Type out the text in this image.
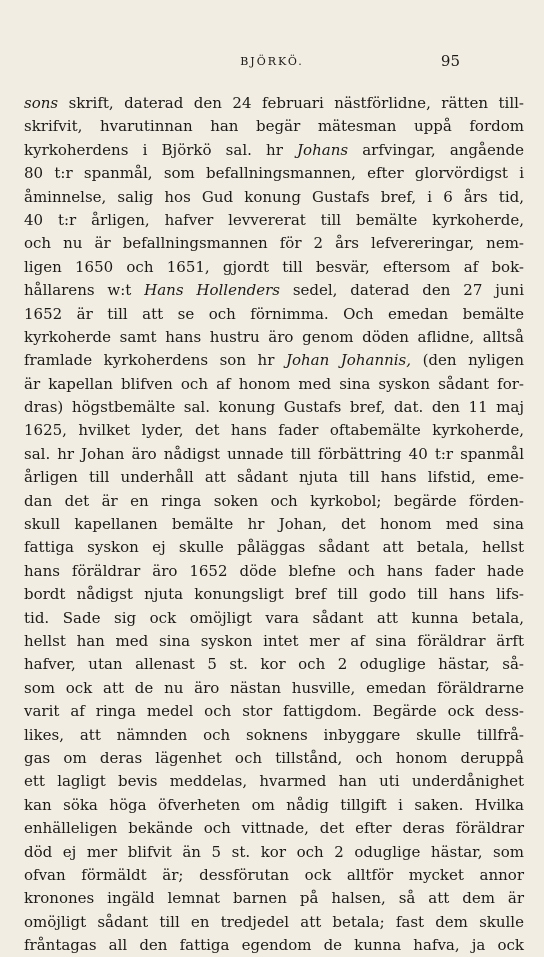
BJÖRKÖ.	95
sons skrift, daterad den 24 februari nästförlidne, rätten till-
skrifvit, hvarutinnan han begär mätesman uppå fordom
kyrkoherdens i Björkö sal. hr Johans arfvingar, angående
80 t:r spanmål, som befallningsmannen, efter glorvördigst i
åminnelse, salig hos Gud konung Gustafs bref, i 6 års tid,
40 t:r årligen, hafver levvererat till bemälte kyrkoherde,
och nu är befallningsmannen för 2 års lefvereringar, nem-
ligen 1650 och 1651, gjordt till besvär, eftersom af bok-
hållarens w:t Hans Hollenders sedel, daterad den 27 juni
1652 är till att se och förnimma. Och emedan bemälte
kyrkoherde samt hans hustru äro genom döden aflidne, alltså
framlade kyrkoherdens son hr Johan Johannis, (den nyligen
är kapellan blifven och af honom med sina syskon sådant for-
dras) högstbemälte sal. konung Gustafs bref, dat. den 11 maj
1625, hvilket lyder, det hans fader oftabemälte kyrkoherde,
sal. hr Johan äro nådigst unnade till förbättring 40 t:r spanmål
årligen till underhåll att sådant njuta till hans lifstid, eme-
dan det är en ringa soken och kyrkobol; begärde förden-
skull kapellanen bemälte hr Johan, det honom med sina
fattiga syskon ej skulle påläggas sådant att betala, hellst
hans föräldrar äro 1652 döde blefne och hans fader hade
bordt nådigst njuta konungsligt bref till godo till hans lifs-
tid. Sade sig ock omöjligt vara sådant att kunna betala,
hellst han med sina syskon intet mer af sina föräldrar ärft
hafver, utan allenast 5 st. kor och 2 oduglige hästar, så-
som ock att de nu äro nästan husville, emedan föräldrarne
varit af ringa medel och stor fattigdom. Begärde ock dess-
likes, att nämnden och soknens inbyggare skulle tillfrå-
gas om deras lägenhet och tillstånd, och honom deruppå
ett lagligt bevis meddelas, hvarmed han uti underdånighet
kan söka höga öfverheten om nådig tillgift i saken. Hvilka
enhälleligen bekände och vittnade, det efter deras föräldrar
död ej mer blifvit än 5 st. kor och 2 oduglige hästar, som
ofvan förmäldt är; dessförutan ock alltför mycket annor
kronones ingäld lemnat barnen på halsen, så att dem är
omöjligt sådant till en tredjedel att betala; fast dem skulle
fråntagas all den fattiga egendom de kunna hafva, ja ock
